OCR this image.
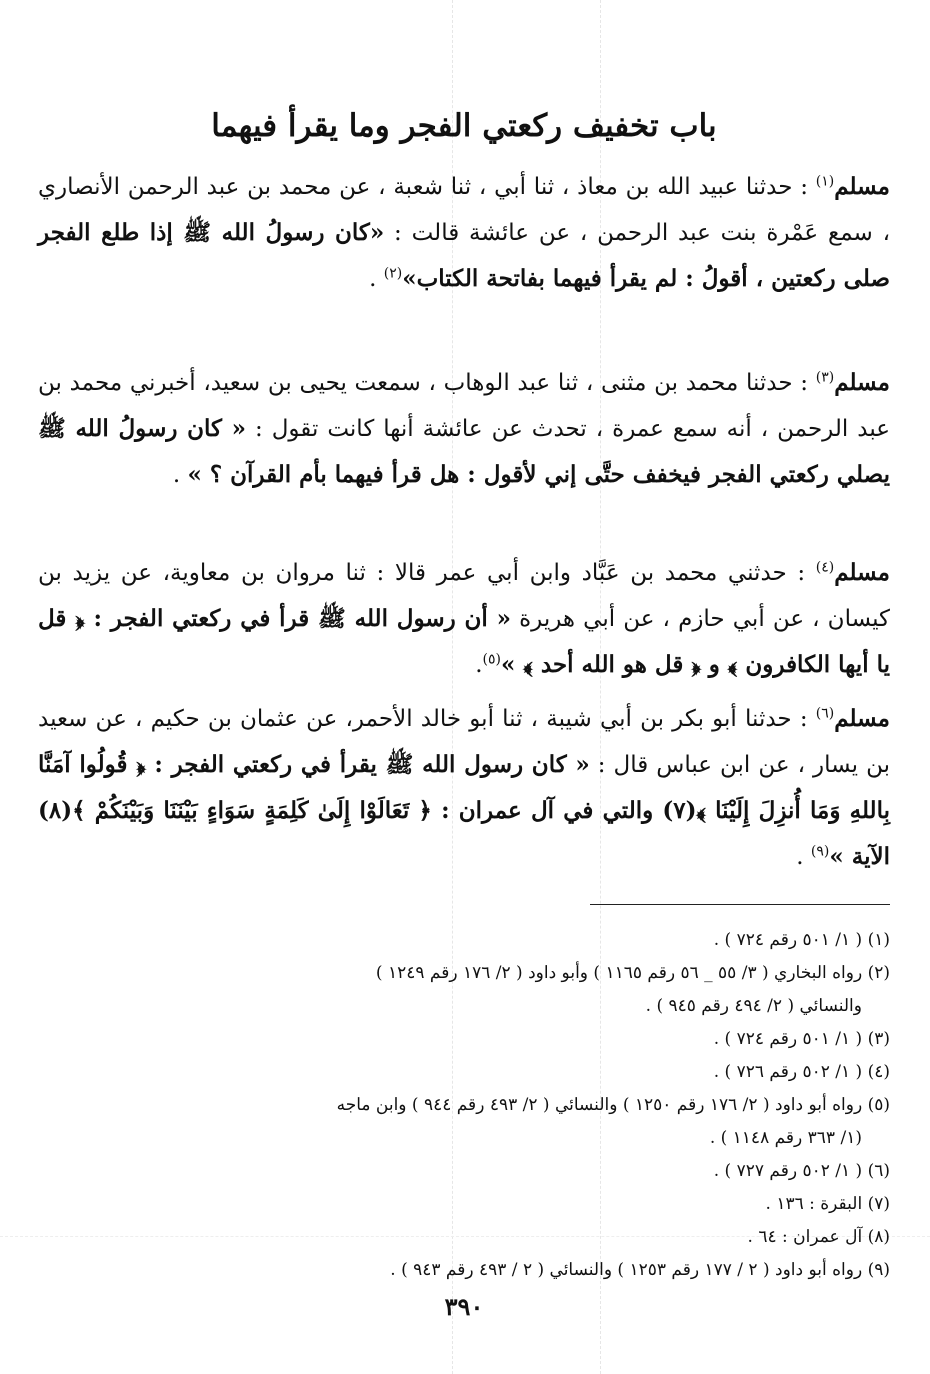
باب تخفيف ركعتي الفجر وما يقرأ فيهما
مسلم$^{(١)}$ : حدثنا عبيد الله بن معاذ ، ثنا أبي ، ثنا شعبة ، عن محمد بن عبد الرحمن الأنصاري ، سمع عَمْرة بنت عبد الرحمن ، عن عائشة قالت : «كان رسولُ الله ﷺ إذا طلع الفجر صلى ركعتين ، أقولُ : لم يقرأ فيهما بفاتحة الكتاب»$^{(٢)}$ .
مسلم$^{(٣)}$ : حدثنا محمد بن مثنى ، ثنا عبد الوهاب ، سمعت يحيى بن سعيد، أخبرني محمد بن عبد الرحمن ، أنه سمع عمرة ، تحدث عن عائشة أنها كانت تقول : « كان رسولُ الله ﷺ يصلي ركعتي الفجر فيخفف حتَّى إني لأقول : هل قرأ فيهما بأم القرآن ؟ » .
مسلم$^{(٤)}$ : حدثني محمد بن عَبَّاد وابن أبي عمر قالا : ثنا مروان بن معاوية، عن يزيد بن كيسان ، عن أبي حازم ، عن أبي هريرة « أن رسول الله ﷺ قرأ في ركعتي الفجر : ﴿ قل يا أيها الكافرون ﴾ و ﴿ قل هو الله أحد ﴾ »$^{(٥)}$.
مسلم$^{(٦)}$ : حدثنا أبو بكر بن أبي شيبة ، ثنا أبو خالد الأحمر، عن عثمان بن حكيم ، عن سعيد بن يسار ، عن ابن عباس قال : « كان رسول الله ﷺ يقرأ في ركعتي الفجر : ﴿ قُولُوا آمَنَّا بِاللهِ وَمَا أُنزِلَ إِلَيْنَا ﴾(٧) والتي في آل عمران : ﴿ تَعَالَوْا إِلَىٰ كَلِمَةٍ سَوَاءٍ بَيْنَنَا وَبَيْنَكُمْ ﴾(٨) الآية »$^{(٩)}$ .
(١) ( ١/ ٥٠١ رقم ٧٢٤ ) .
(٢) رواه البخاري ( ٣/ ٥٥ _ ٥٦ رقم ١١٦٥ ) وأبو داود ( ٢/ ١٧٦ رقم ١٢٤٩ )
والنسائي ( ٢/ ٤٩٤ رقم ٩٤٥ ) .
(٣) ( ١/ ٥٠١ رقم ٧٢٤ ) .
(٤) ( ١/ ٥٠٢ رقم ٧٢٦ ) .
(٥) رواه أبو داود ( ٢/ ١٧٦ رقم ١٢٥٠ ) والنسائي ( ٢/ ٤٩٣ رقم ٩٤٤ ) وابن ماجه
(١/ ٣٦٣ رقم ١١٤٨ ) .
(٦) ( ١/ ٥٠٢ رقم ٧٢٧ ) .
(٧) البقرة : ١٣٦ .
(٨) آل عمران : ٦٤ .
(٩) رواه أبو داود ( ٢ / ١٧٧ رقم ١٢٥٣ ) والنسائي ( ٢ / ٤٩٣ رقم ٩٤٣ ) .
٣٩٠
